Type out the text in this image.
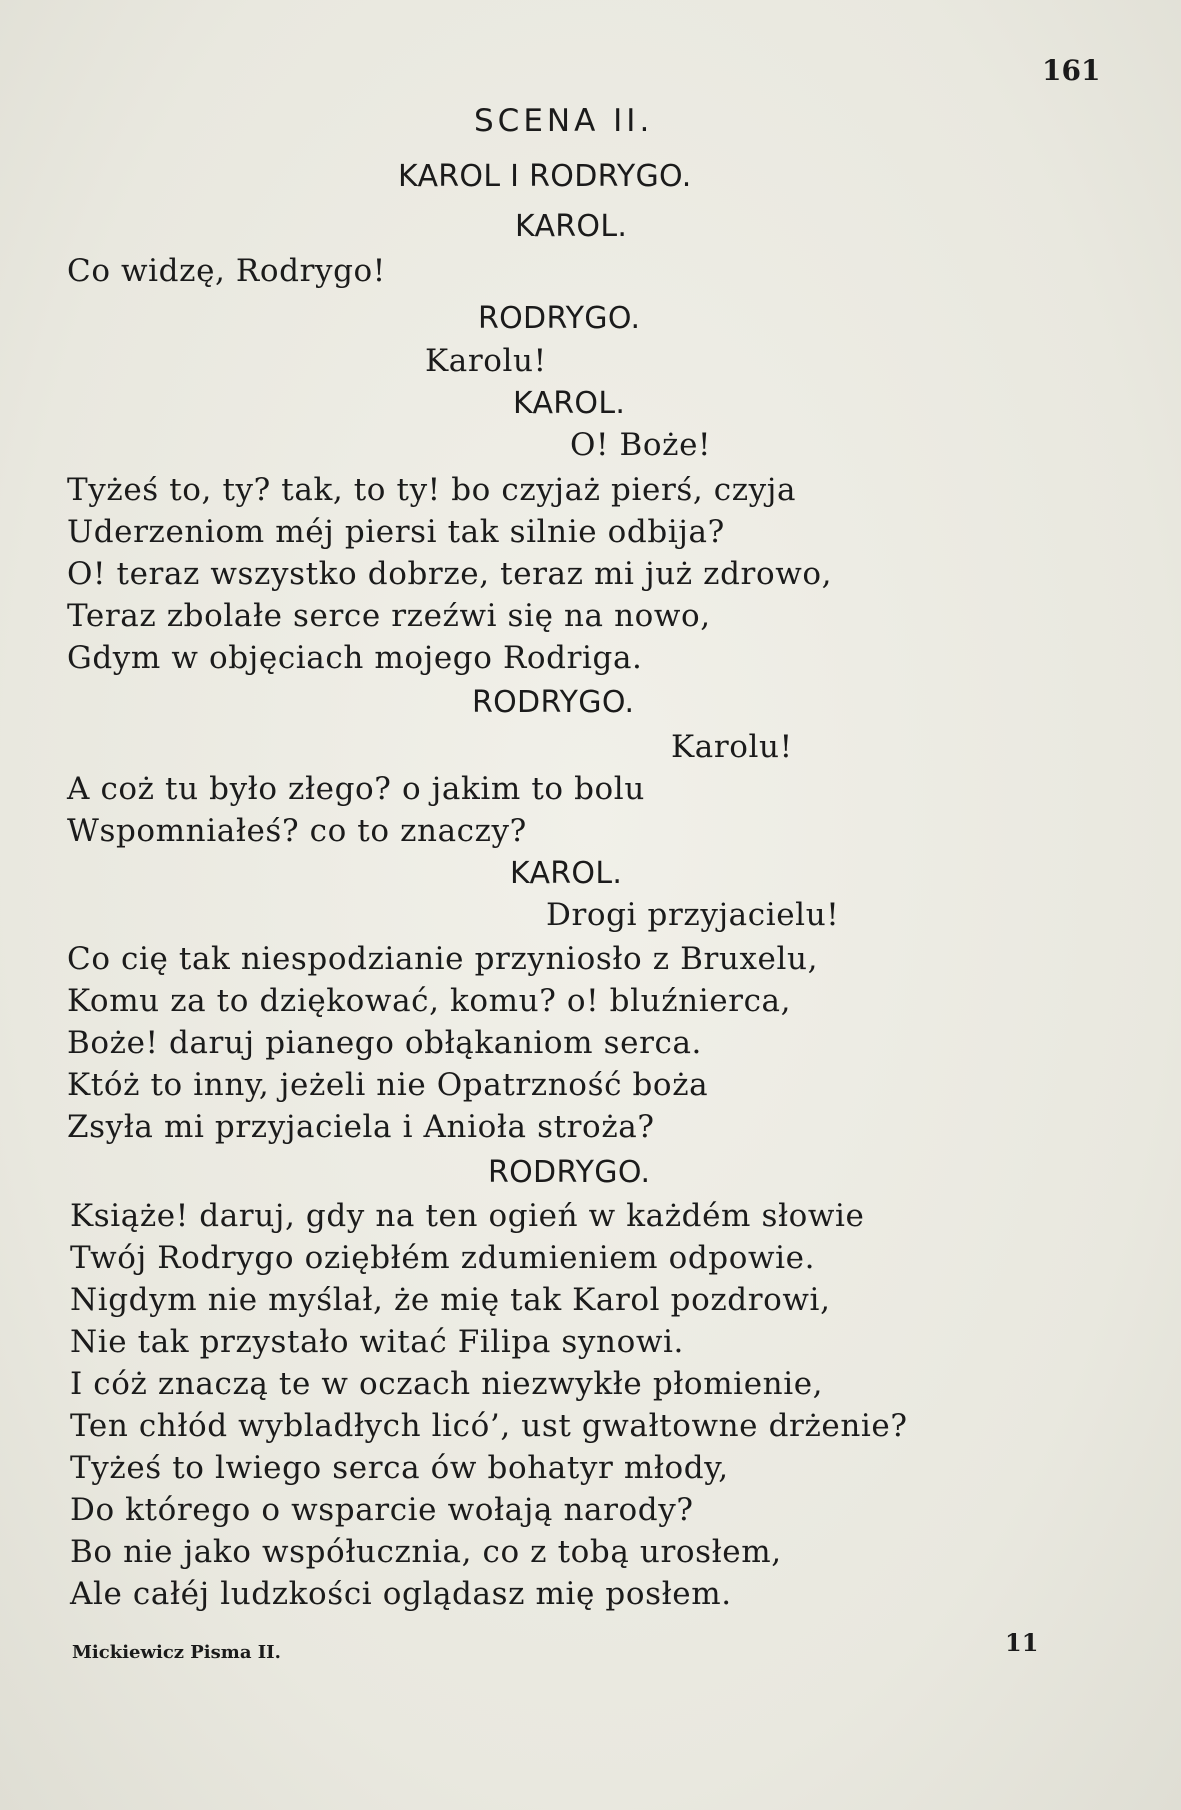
161
SCENA II.
KAROL I RODRYGO.
KAROL.
Co widzę, Rodrygo!
RODRYGO.
Karolu!
KAROL.
O! Boże!
Tyżeś to, ty? tak, to ty! bo czyjaż pierś, czyja
Uderzeniom méj piersi tak silnie odbija?
O! teraz wszystko dobrze, teraz mi już zdrowo,
Teraz zbolałe serce rzeźwi się na nowo,
Gdym w objęciach mojego Rodriga.
RODRYGO.
Karolu!
A coż tu było złego? o jakim to bolu
Wspomniałeś? co to znaczy?
KAROL.
Drogi przyjacielu!
Co cię tak niespodzianie przyniosło z Bruxelu,
Komu za to dziękować, komu? o! bluźnierca,
Boże! daruj pianego obłąkaniom serca.
Któż to inny, jeżeli nie Opatrzność boża
Zsyła mi przyjaciela i Anioła stroża?
RODRYGO.
Książe! daruj, gdy na ten ogień w każdém słowie
Twój Rodrygo oziębłém zdumieniem odpowie.
Nigdym nie myślał, że mię tak Karol pozdrowi,
Nie tak przystało witać Filipa synowi.
I cóż znaczą te w oczach niezwykłe płomienie,
Ten chłód wybladłych licó’, ust gwałtowne drżenie?
Tyżeś to lwiego serca ów bohatyr młody,
Do którego o wsparcie wołają narody?
Bo nie jako współucznia, co z tobą urosłem,
Ale całéj ludzkości oglądasz mię posłem.
Mickiewicz Pisma II.	11
